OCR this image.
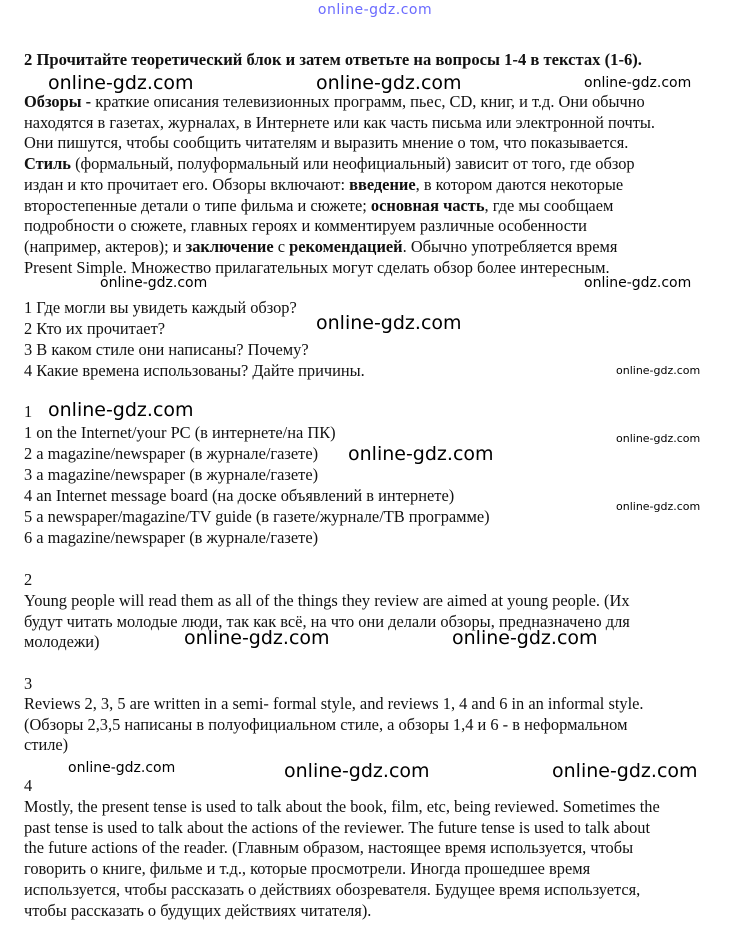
online-gdz.com
2 Прочитайте теоретический блок и затем ответьте на вопросы 1-4 в текстах (1-6).
online-gdz.com	online-gdz.com	online-gdz.com
Обзоры - краткие описания телевизионных программ, пьес, CD, книг, и т.д. Они обычно
находятся в газетах, журналах, в Интернете или как часть письма или электронной почты.
Они пишутся, чтобы сообщить читателям и выразить мнение о том, что показывается.
Стиль (формальный, полуформальный или неофициальный) зависит от того, где обзор
издан и кто прочитает его. Обзоры включают: введение, в котором даются некоторые
второстепенные детали о типе фильма и сюжете; основная часть, где мы сообщаем
подробности о сюжете, главных героях и комментируем различные особенности
(например, актеров); и заключение с рекомендацией. Обычно употребляется время
Present Simple. Множество прилагательных могут сделать обзор более интересным.
online-gdz.com	online-gdz.com
1 Где могли вы увидеть каждый обзор?
2 Кто их прочитает?
3 В каком стиле они написаны? Почему?
4 Какие времена использованы? Дайте причины.
online-gdz.com
online-gdz.com
1 online-gdz.com
1 on the Internet/your PC (в интернете/на ПК)
2 a magazine/newspaper (в журнале/газете)
3 a magazine/newspaper (в журнале/газете)
4 an Internet message board (на доске объявлений в интернете)
5 a newspaper/magazine/TV guide (в газете/журнале/ТВ программе)
6 a magazine/newspaper (в журнале/газете)
online-gdz.com
online-gdz.com
online-gdz.com
2
Young people will read them as all of the things they review are aimed at young people. (Их
будут читать молодые люди, так как всё, на что они делали обзоры, предназначено для
молодежи)	online-gdz.com	online-gdz.com
3
Reviews 2, 3, 5 are written in a semi- formal style, and reviews 1, 4 and 6 in an informal style.
(Обзоры 2,3,5 написаны в полуофициальном стиле, а обзоры 1,4 и 6 - в неформальном
стиле)
online-gdz.com	online-gdz.com	online-gdz.com
4
Mostly, the present tense is used to talk about the book, film, etc, being reviewed. Sometimes the
past tense is used to talk about the actions of the reviewer. The future tense is used to talk about
the future actions of the reader. (Главным образом, настоящее время используется, чтобы
говорить о книге, фильме и т.д., которые просмотрели. Иногда прошедшее время
используется, чтобы рассказать о действиях обозревателя. Будущее время используется,
чтобы рассказать о будущих действиях читателя).
